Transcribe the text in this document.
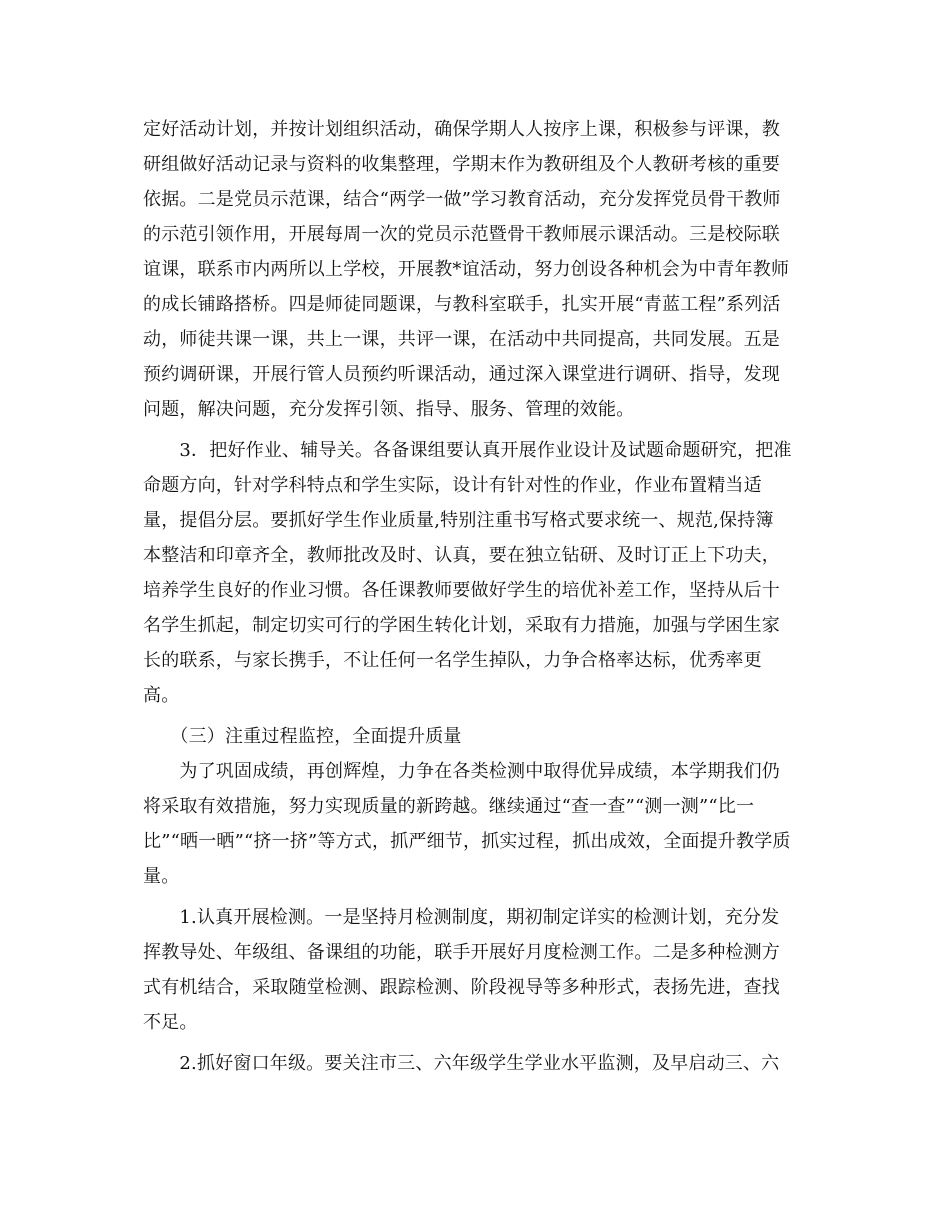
定好活动计划，并按计划组织活动，确保学期人人按序上课，积极参与评课，教
研组做好活动记录与资料的收集整理，学期末作为教研组及个人教研考核的重要
依据。二是党员示范课，结合“两学一做”学习教育活动，充分发挥党员骨干教师
的示范引领作用，开展每周一次的党员示范暨骨干教师展示课活动。三是校际联
谊课，联系市内两所以上学校，开展教*谊活动，努力创设各种机会为中青年教师
的成长铺路搭桥。四是师徒同题课，与教科室联手，扎实开展“青蓝工程”系列活
动，师徒共课一课，共上一课，共评一课，在活动中共同提高，共同发展。五是
预约调研课，开展行管人员预约听课活动，通过深入课堂进行调研、指导，发现
问题，解决问题，充分发挥引领、指导、服务、管理的效能。
　　3．把好作业、辅导关。各备课组要认真开展作业设计及试题命题研究，把准
命题方向，针对学科特点和学生实际，设计有针对性的作业，作业布置精当适
量，提倡分层。要抓好学生作业质量,特别注重书写格式要求统一、规范,保持簿
本整洁和印章齐全，教师批改及时、认真，要在独立钻研、及时订正上下功夫，
培养学生良好的作业习惯。各任课教师要做好学生的培优补差工作，坚持从后十
名学生抓起，制定切实可行的学困生转化计划，采取有力措施，加强与学困生家
长的联系，与家长携手，不让任何一名学生掉队，力争合格率达标，优秀率更
高。
　　（三）注重过程监控，全面提升质量
　　为了巩固成绩，再创辉煌，力争在各类检测中取得优异成绩，本学期我们仍
将采取有效措施，努力实现质量的新跨越。继续通过“查一查”“测一测”“比一
比”“晒一晒”“挤一挤”等方式，抓严细节，抓实过程，抓出成效，全面提升教学质
量。
　　1.认真开展检测。一是坚持月检测制度，期初制定详实的检测计划，充分发
挥教导处、年级组、备课组的功能，联手开展好月度检测工作。二是多种检测方
式有机结合，采取随堂检测、跟踪检测、阶段视导等多种形式，表扬先进，查找
不足。
　　2.抓好窗口年级。要关注市三、六年级学生学业水平监测，及早启动三、六
